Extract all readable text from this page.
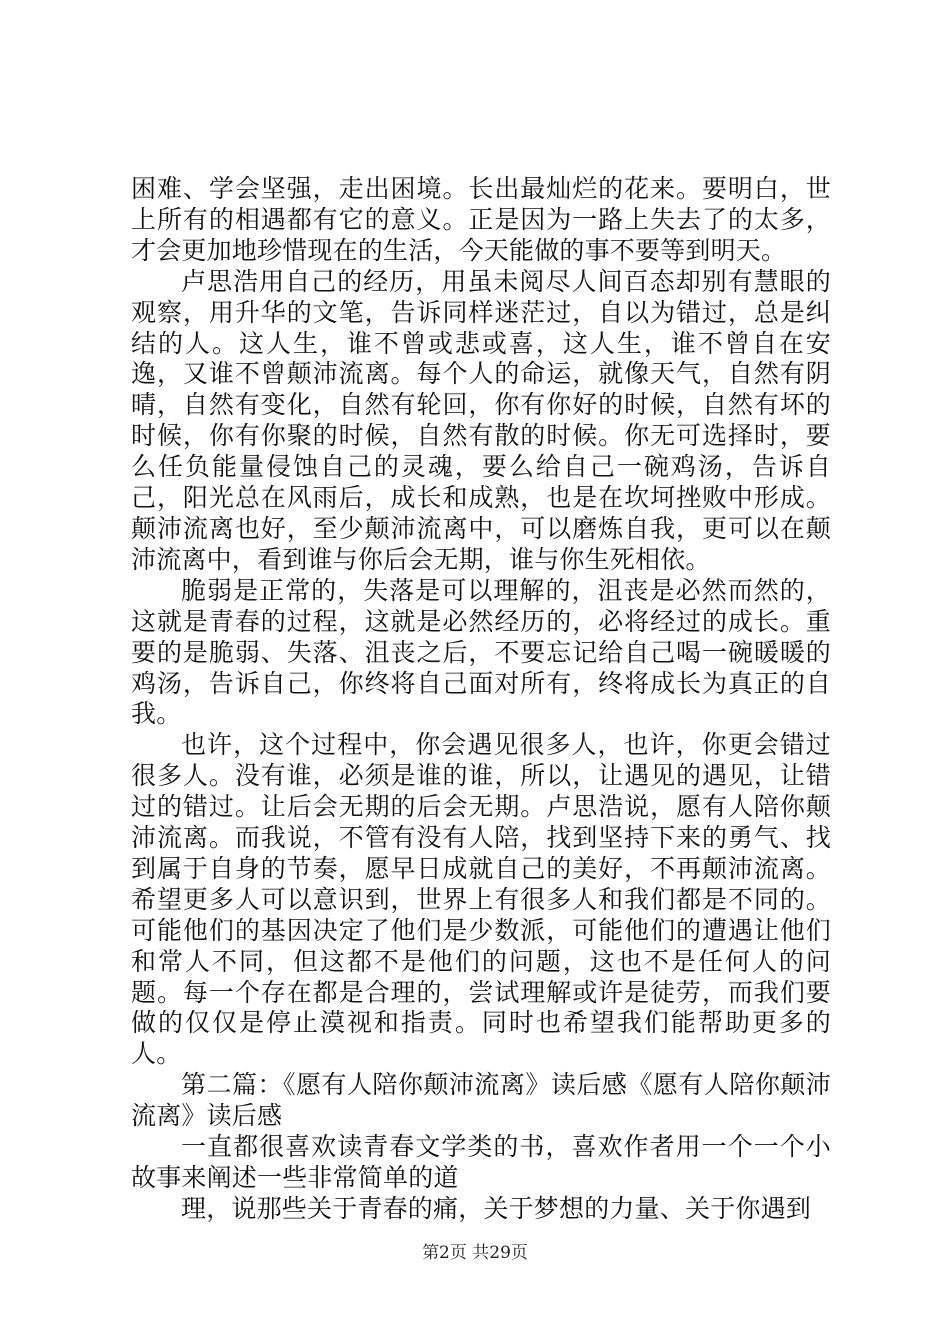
困难、学会坚强，走出困境。长出最灿烂的花来。要明白，世上所有的相遇都有它的意义。正是因为一路上失去了的太多，才会更加地珍惜现在的生活，今天能做的事不要等到明天。

卢思浩用自己的经历，用虽未阅尽人间百态却别有慧眼的观察，用升华的文笔，告诉同样迷茫过，自以为错过，总是纠结的人。这人生，谁不曾或悲或喜，这人生，谁不曾自在安逸，又谁不曾颠沛流离。每个人的命运，就像天气，自然有阴晴，自然有变化，自然有轮回，你有你好的时候，自然有坏的时候，你有你聚的时候，自然有散的时候。你无可选择时，要么任负能量侵蚀自己的灵魂，要么给自己一碗鸡汤，告诉自己，阳光总在风雨后，成长和成熟，也是在坎坷挫败中形成。颠沛流离也好，至少颠沛流离中，可以磨炼自我，更可以在颠沛流离中，看到谁与你后会无期，谁与你生死相依。

脆弱是正常的，失落是可以理解的，沮丧是必然而然的，这就是青春的过程，这就是必然经历的，必将经过的成长。重要的是脆弱、失落、沮丧之后，不要忘记给自己喝一碗暖暖的鸡汤，告诉自己，你终将自己面对所有，终将成长为真正的自我。

也许，这个过程中，你会遇见很多人，也许，你更会错过很多人。没有谁，必须是谁的谁，所以，让遇见的遇见，让错过的错过。让后会无期的后会无期。卢思浩说，愿有人陪你颠沛流离。而我说，不管有没有人陪，找到坚持下来的勇气、找到属于自身的节奏，愿早日成就自己的美好，不再颠沛流离。希望更多人可以意识到，世界上有很多人和我们都是不同的。可能他们的基因决定了他们是少数派，可能他们的遭遇让他们和常人不同，但这都不是他们的问题，这也不是任何人的问题。每一个存在都是合理的，尝试理解或许是徒劳，而我们要做的仅仅是停止漠视和指责。同时也希望我们能帮助更多的人。

第二篇：《愿有人陪你颠沛流离》读后感《愿有人陪你颠沛流离》读后感

一直都很喜欢读青春文学类的书，喜欢作者用一个一个小故事来阐述一些非常简单的道

理，说那些关于青春的痛，关于梦想的力量、关于你遇到

第2页 共29页
